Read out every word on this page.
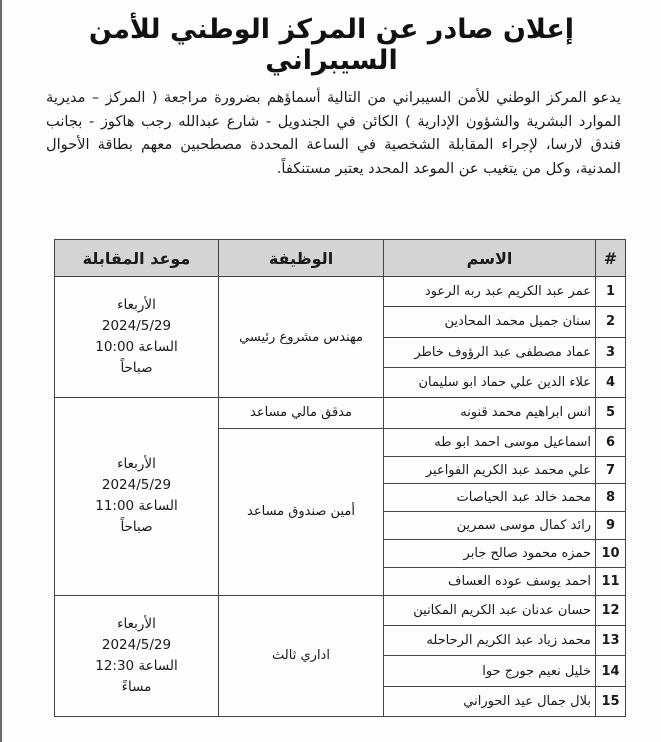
إعلان صادر عن المركز الوطني للأمن السيبراني
يدعو المركز الوطني للأمن السيبراني من التالية أسماؤهم بضرورة مراجعة ( المركز – مديرية الموارد البشرية والشؤون الإدارية ) الكائن في الجندويل - شارع عبدالله رجب هاكوز - بجانب فندق لارسا، لإجراء المقابلة الشخصية في الساعة المحددة مصطحبين معهم بطاقة الأحوال المدنية، وكل من يتغيب عن الموعد المحدد يعتبر مستنكفاً.
#	الاسم	الوظيفة	موعد المقابلة
1	عمر عبد الكريم عبد ربه الرعود	مهندس مشروع رئيسي	الأربعاء
2024/5/29
الساعة 10:00
صباحاً

2	سنان جميل محمد المحادين		
3	عماد مصطفى عبد الرؤوف خاطر		
4	علاء الدين علي حماد ابو سليمان		
5	انس ابراهيم محمد قنونه	مدقق مالي مساعد	الأربعاء
2024/5/29
الساعة 11:00
صباحاً

6	اسماعيل موسى احمد ابو طه	أمين صندوق مساعد	
7	علي محمد عبد الكريم الفواعير		
8	محمد خالد عبد الحياصات		
9	رائد كمال موسى سمرين		
10	حمزه محمود صالح جابر		
11	احمد يوسف عوده العساف		
12	حسان عدنان عبد الكريم المكانين	اداري ثالث	الأربعاء
2024/5/29
الساعة 12:30
مساءً

13	محمد زياد عبد الكريم الرحاحله		
14	خليل نعيم جورج حوا		
15	بلال جمال عيد الحوراني		
